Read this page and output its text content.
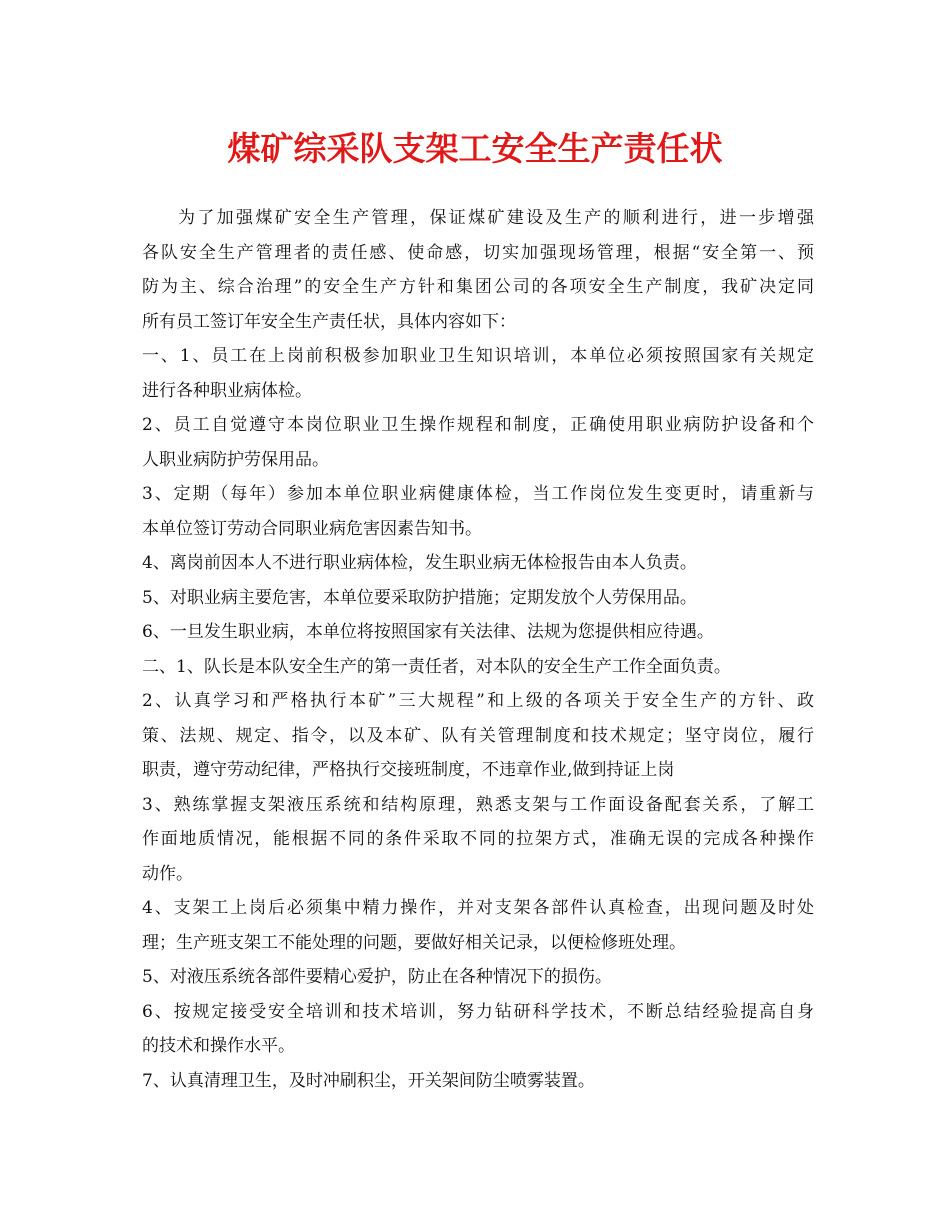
煤矿综采队支架工安全生产责任状
为了加强煤矿安全生产管理，保证煤矿建设及生产的顺利进行，进一步增强
各队安全生产管理者的责任感、使命感，切实加强现场管理，根据“安全第一、预
防为主、综合治理”的安全生产方针和集团公司的各项安全生产制度，我矿决定同
所有员工签订年安全生产责任状，具体内容如下：
一、1、员工在上岗前积极参加职业卫生知识培训，本单位必须按照国家有关规定
进行各种职业病体检。
2、员工自觉遵守本岗位职业卫生操作规程和制度，正确使用职业病防护设备和个
人职业病防护劳保用品。
3、定期（每年）参加本单位职业病健康体检，当工作岗位发生变更时，请重新与
本单位签订劳动合同职业病危害因素告知书。
4、离岗前因本人不进行职业病体检，发生职业病无体检报告由本人负责。
5、对职业病主要危害，本单位要采取防护措施；定期发放个人劳保用品。
6、一旦发生职业病，本单位将按照国家有关法律、法规为您提供相应待遇。
二、1、队长是本队安全生产的第一责任者，对本队的安全生产工作全面负责。
2、认真学习和严格执行本矿”三大规程”和上级的各项关于安全生产的方针、政
策、法规、规定、指令，以及本矿、队有关管理制度和技术规定；坚守岗位，履行
职责，遵守劳动纪律，严格执行交接班制度，不违章作业,做到持证上岗
3、熟练掌握支架液压系统和结构原理，熟悉支架与工作面设备配套关系，了解工
作面地质情况，能根据不同的条件采取不同的拉架方式，准确无误的完成各种操作
动作。
4、支架工上岗后必须集中精力操作，并对支架各部件认真检查，出现问题及时处
理；生产班支架工不能处理的问题，要做好相关记录，以便检修班处理。
5、对液压系统各部件要精心爱护，防止在各种情况下的损伤。
6、按规定接受安全培训和技术培训，努力钻研科学技术，不断总结经验提高自身
的技术和操作水平。
7、认真清理卫生，及时冲刷积尘，开关架间防尘喷雾装置。
